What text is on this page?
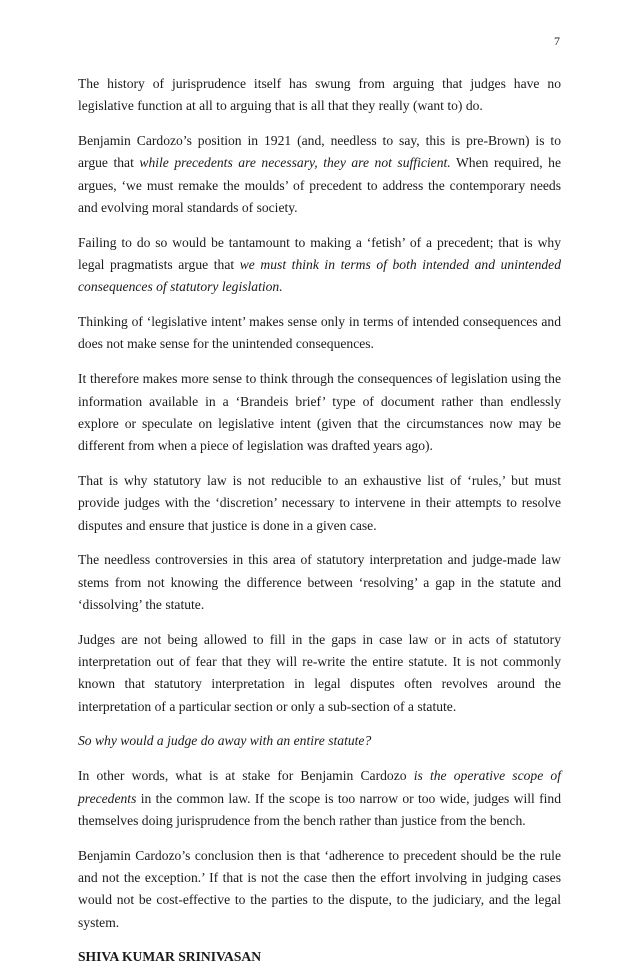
7

The history of jurisprudence itself has swung from arguing that judges have no legislative function at all to arguing that is all that they really (want to) do.

Benjamin Cardozo’s position in 1921 (and, needless to say, this is pre-Brown) is to argue that while precedents are necessary, they are not sufficient. When required, he argues, ‘we must remake the moulds’ of precedent to address the contemporary needs and evolving moral standards of society.

Failing to do so would be tantamount to making a ‘fetish’ of a precedent; that is why legal pragmatists argue that we must think in terms of both intended and unintended consequences of statutory legislation.

Thinking of ‘legislative intent’ makes sense only in terms of intended consequences and does not make sense for the unintended consequences.

It therefore makes more sense to think through the consequences of legislation using the information available in a ‘Brandeis brief’ type of document rather than endlessly explore or speculate on legislative intent (given that the circumstances now may be different from when a piece of legislation was drafted years ago).

That is why statutory law is not reducible to an exhaustive list of ‘rules,’ but must provide judges with the ‘discretion’ necessary to intervene in their attempts to resolve disputes and ensure that justice is done in a given case.

The needless controversies in this area of statutory interpretation and judge-made law stems from not knowing the difference between ‘resolving’ a gap in the statute and ‘dissolving’ the statute.

Judges are not being allowed to fill in the gaps in case law or in acts of statutory interpretation out of fear that they will re-write the entire statute. It is not commonly known that statutory interpretation in legal disputes often revolves around the interpretation of a particular section or only a sub-section of a statute.

So why would a judge do away with an entire statute?

In other words, what is at stake for Benjamin Cardozo is the operative scope of precedents in the common law. If the scope is too narrow or too wide, judges will find themselves doing jurisprudence from the bench rather than justice from the bench.

Benjamin Cardozo’s conclusion then is that ‘adherence to precedent should be the rule and not the exception.’ If that is not the case then the effort involving in judging cases would not be cost-effective to the parties to the dispute, to the judiciary, and the legal system.

SHIVA KUMAR SRINIVASAN
